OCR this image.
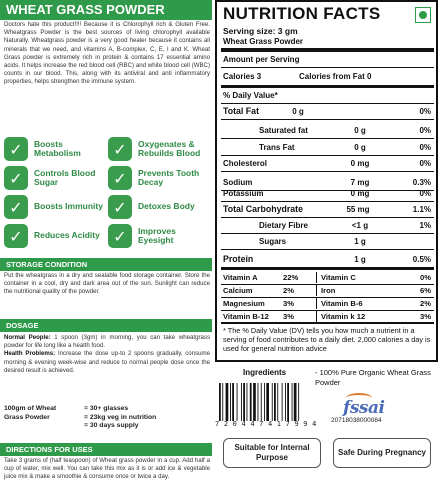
WHEAT GRASS POWDER
Doctors hate this product!!!! Because it is Chlorophyll rich & Gluten Free. Wheatgrass Powder is the best sources of living chlorophyll available Naturally. Wheatgrass powder is a very good healer because it contains all minerals that we need, and vitamins A, B-complex, C, E, l and K. Wheat Grass powder is extremely rich in protein & contains 17 essential amino acids. It helps increase the red blood cell (RBC) and white blood cell (WBC) counts in our blood. This, along with its antiviral and anti inflammatory properties, helps strengthen the immune system.
✓	Boosts Metabolism	✓	Oxygenates & Rebuilds Blood
✓	Controls Blood Sugar	✓	Prevents Tooth Decay
✓	Boosts Immunity ✓	Detoxes Body
✓	Reduces Acidity ✓	Improves Eyesight
STORAGE CONDITION
Put the wheatgrass in a dry and sealable food storage container. Store the container in a cool, dry and dark area out of the sun. Sunlight can reduce the nutritional quality of the powder.
DOSAGE
Normal People: 1 spoon (3gm) in morning, you can take wheatgrass powder for life long like a health food.
Health Problems: Increase the dose up-to 2 spoons gradually, consume morning & evening week-wise and reduce to normal people dose once the desired result is achieved.
100gm of Wheat	= 30+ glasses
Grass Powder	= 23kg veg in nutrition
= 30 days supply
DIRECTIONS FOR USES
Take 3 grams of (half teaspoon) of Wheat grass powder in a cup. Add half a cup of water, mix well. You can take this mix as it is or add ice & vegetable juice mix & make a smoothie & consume once or twice a day.
NUTRITION FACTS
Serving size: 3 gm
Wheat Grass Powder
Amount per Serving
Calories 3	Calories from Fat 0
% Daily Value*
Total Fat	0 g	0%
Saturated fat	0 g	0%
Trans Fat	0 g	0%
Cholesterol	0 mg	0%
Sodium	7 mg	0.3%
Potassium	0 mg	0%
Total Carbohydrate	55 mg	1.1%
Dietary Fibre	<1 g	1%
Sugars	1 g
Protein	1 g	0.5%
Vitamin A	22%	Vitamin C	0%
Calcium	2%	Iron	6%
Magnesium	3%	Vitamin B-6	2%
Vitamin B-12	3%	Vitamin k 12	3%
* The % Daily Value (DV) tells you how much a nutrient in a serving of food contributes to a daily diet. 2,000 calories a day is used for general nutrition advice
Ingredients	- 100% Pure Organic Wheat Grass Powder
7 2 0 4 4 7 4 1 7 9 9 4
fssai
20718038000084
Suitable for Internal Purpose
Safe During Pregnancy
